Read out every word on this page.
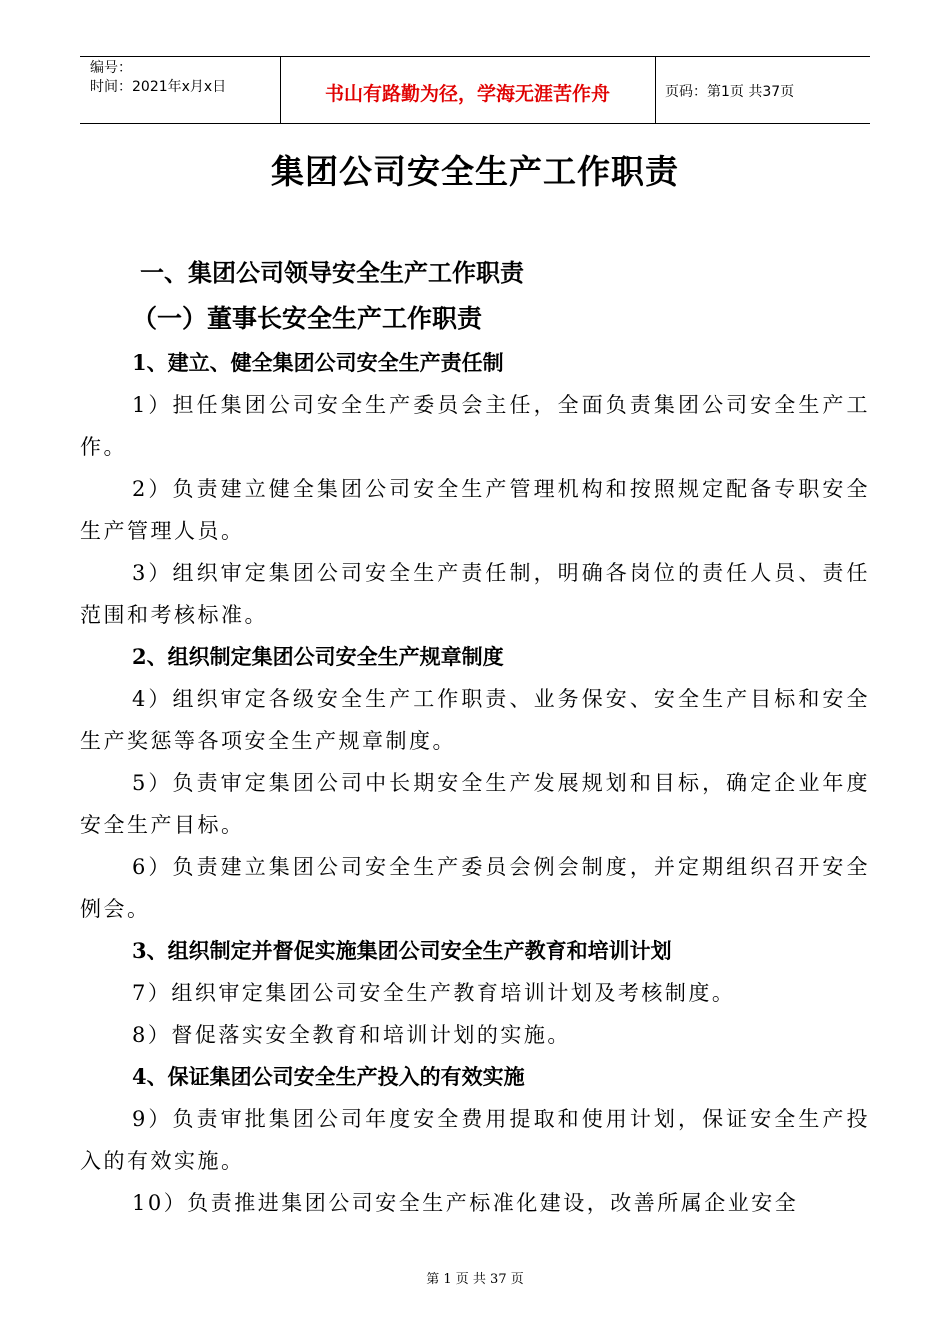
编号：
时间：2021年x月x日	书山有路勤为径，学海无涯苦作舟	页码：第1页 共37页
集团公司安全生产工作职责
一、集团公司领导安全生产工作职责
（一）董事长安全生产工作职责
1、建立、健全集团公司安全生产责任制
1）担任集团公司安全生产委员会主任，全面负责集团公司安全生产工作。
2）负责建立健全集团公司安全生产管理机构和按照规定配备专职安全生产管理人员。
3）组织审定集团公司安全生产责任制，明确各岗位的责任人员、责任范围和考核标准。
2、组织制定集团公司安全生产规章制度
4）组织审定各级安全生产工作职责、业务保安、安全生产目标和安全生产奖惩等各项安全生产规章制度。
5）负责审定集团公司中长期安全生产发展规划和目标，确定企业年度安全生产目标。
6）负责建立集团公司安全生产委员会例会制度，并定期组织召开安全例会。
3、组织制定并督促实施集团公司安全生产教育和培训计划
7）组织审定集团公司安全生产教育培训计划及考核制度。
8）督促落实安全教育和培训计划的实施。
4、保证集团公司安全生产投入的有效实施
9）负责审批集团公司年度安全费用提取和使用计划，保证安全生产投入的有效实施。
10）负责推进集团公司安全生产标准化建设，改善所属企业安全
第 1 页 共 37 页
